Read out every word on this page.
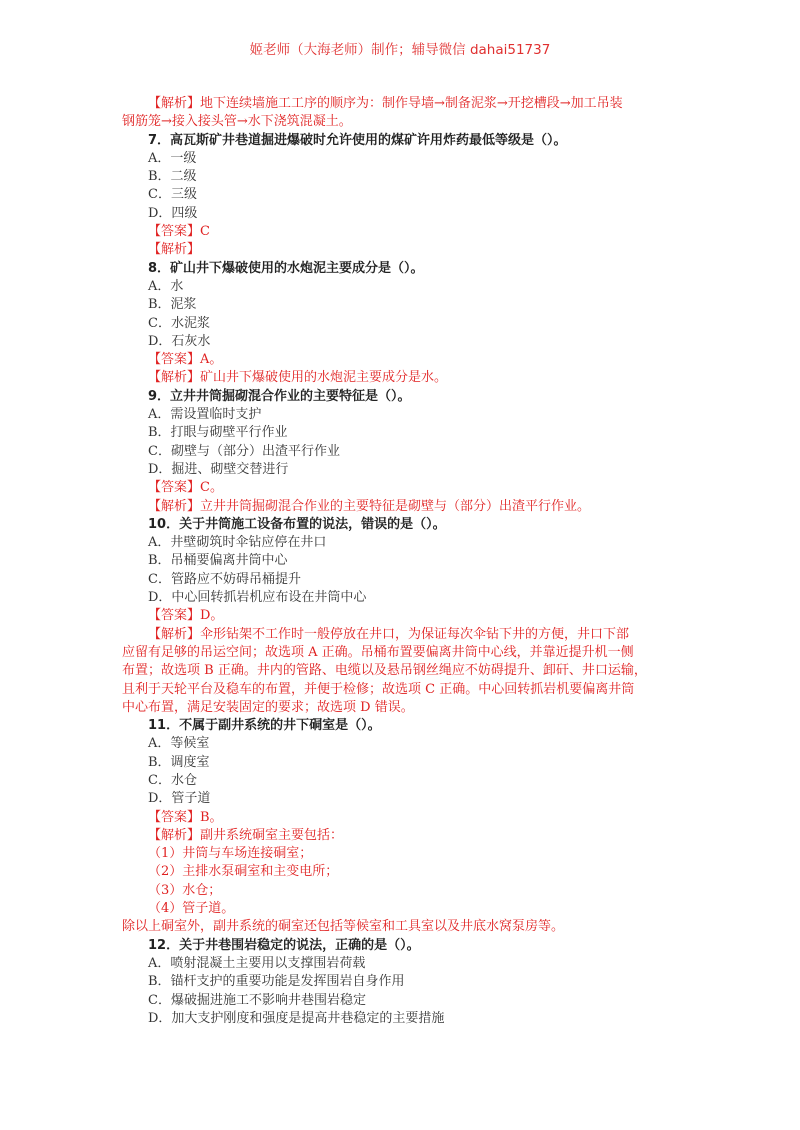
姬老师（大海老师）制作；辅导微信 dahai51737
【解析】地下连续墙施工工序的顺序为：制作导墙→制备泥浆→开挖槽段→加工吊装
钢筋笼→接入接头管→水下浇筑混凝土。
7．高瓦斯矿井巷道掘进爆破时允许使用的煤矿许用炸药最低等级是（）。
A．一级
B．二级
C．三级
D．四级
【答案】C
【解析】
8．矿山井下爆破使用的水炮泥主要成分是（）。
A．水
B．泥浆
C．水泥浆
D．石灰水
【答案】A。
【解析】矿山井下爆破使用的水炮泥主要成分是水。
9．立井井筒掘砌混合作业的主要特征是（）。
A．需设置临时支护
B．打眼与砌壁平行作业
C．砌壁与（部分）出渣平行作业
D．掘进、砌壁交替进行
【答案】C。
【解析】立井井筒掘砌混合作业的主要特征是砌壁与（部分）出渣平行作业。
10．关于井筒施工设备布置的说法，错误的是（）。
A．井壁砌筑时伞钻应停在井口
B．吊桶要偏离井筒中心
C．管路应不妨碍吊桶提升
D．中心回转抓岩机应布设在井筒中心
【答案】D。
【解析】伞形钻架不工作时一般停放在井口，为保证每次伞钻下井的方便，井口下部
应留有足够的吊运空间；故选项 A 正确。吊桶布置要偏离井筒中心线，并靠近提升机一侧
布置；故选项 B 正确。井内的管路、电缆以及悬吊钢丝绳应不妨碍提升、卸矸、井口运输，
且利于天轮平台及稳车的布置，并便于检修；故选项 C 正确。中心回转抓岩机要偏离井筒
中心布置，满足安装固定的要求；故选项 D 错误。
11．不属于副井系统的井下硐室是（）。
A．等候室
B．调度室
C．水仓
D．管子道
【答案】B。
【解析】副井系统硐室主要包括：
（1）井筒与车场连接硐室；
（2）主排水泵硐室和主变电所；
（3）水仓；
（4）管子道。
除以上硐室外，副井系统的硐室还包括等候室和工具室以及井底水窝泵房等。
12．关于井巷围岩稳定的说法，正确的是（）。
A．喷射混凝土主要用以支撑围岩荷载
B．锚杆支护的重要功能是发挥围岩自身作用
C．爆破掘进施工不影响井巷围岩稳定
D．加大支护刚度和强度是提高井巷稳定的主要措施
